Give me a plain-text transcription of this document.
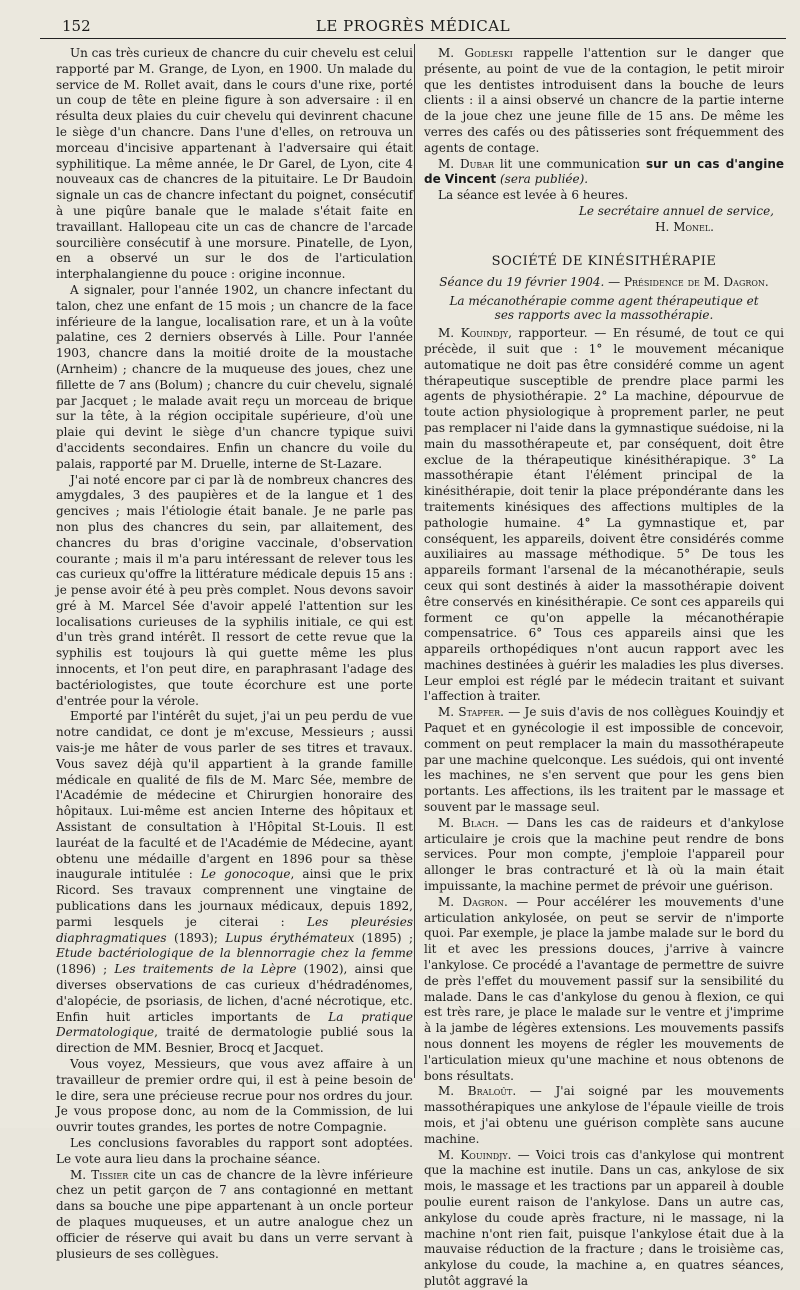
152	LE PROGRÈS MÉDICAL

Un cas très curieux de chancre du cuir chevelu est celui rapporté par M. Grange, de Lyon, en 1900. Un malade du service de M. Rollet avait, dans le cours d'une rixe, porté un coup de tête en pleine figure à son adversaire : il en résulta deux plaies du cuir chevelu qui devinrent chacune le siège d'un chancre. Dans l'une d'elles, on retrouva un morceau d'incisive appartenant à l'adversaire qui était syphilitique. La même année, le Dr Garel, de Lyon, cite 4 nouveaux cas de chancres de la pituitaire. Le Dr Baudoin signale un cas de chancre infectant du poignet, consécutif à une piqûre banale que le malade s'était faite en travaillant. Hallopeau cite un cas de chancre de l'arcade sourcilière consécutif à une morsure. Pinatelle, de Lyon, en a observé un sur le dos de l'articulation interphalangienne du pouce : origine inconnue.

A signaler, pour l'année 1902, un chancre infectant du talon, chez une enfant de 15 mois ; un chancre de la face inférieure de la langue, localisation rare, et un à la voûte palatine, ces 2 derniers observés à Lille. Pour l'année 1903, chancre dans la moitié droite de la moustache (Arnheim) ; chancre de la muqueuse des joues, chez une fillette de 7 ans (Bolum) ; chancre du cuir chevelu, signalé par Jacquet ; le malade avait reçu un morceau de brique sur la tête, à la région occipitale supérieure, d'où une plaie qui devint le siège d'un chancre typique suivi d'accidents secondaires. Enfin un chancre du voile du palais, rapporté par M. Druelle, interne de St-Lazare.

J'ai noté encore par ci par là de nombreux chancres des amygdales, 3 des paupières et de la langue et 1 des gencives ; mais l'étiologie était banale. Je ne parle pas non plus des chancres du sein, par allaitement, des chancres du bras d'origine vaccinale, d'observation courante ; mais il m'a paru intéressant de relever tous les cas curieux qu'offre la littérature médicale depuis 15 ans : je pense avoir été à peu près complet. Nous devons savoir gré à M. Marcel Sée d'avoir appelé l'attention sur les localisations curieuses de la syphilis initiale, ce qui est d'un très grand intérêt. Il ressort de cette revue que la syphilis est toujours là qui guette même les plus innocents, et l'on peut dire, en paraphrasant l'adage des bactériologistes, que toute écorchure est une porte d'entrée pour la vérole.

Emporté par l'intérêt du sujet, j'ai un peu perdu de vue notre candidat, ce dont je m'excuse, Messieurs ; aussi vais-je me hâter de vous parler de ses titres et travaux. Vous savez déjà qu'il appartient à la grande famille médicale en qualité de fils de M. Marc Sée, membre de l'Académie de médecine et Chirurgien honoraire des hôpitaux. Lui-même est ancien Interne des hôpitaux et Assistant de consultation à l'Hôpital St-Louis. Il est lauréat de la faculté et de l'Académie de Médecine, ayant obtenu une médaille d'argent en 1896 pour sa thèse inaugurale intitulée : Le gonocoque, ainsi que le prix Ricord. Ses travaux comprennent une vingtaine de publications dans les journaux médicaux, depuis 1892, parmi lesquels je citerai : Les pleurésies diaphragmatiques (1893); Lupus érythémateux (1895) ; Etude bactériologique de la blennorragie chez la femme (1896) ; Les traitements de la Lèpre (1902), ainsi que diverses observations de cas curieux d'hédradénomes, d'alopécie, de psoriasis, de lichen, d'acné nécrotique, etc. Enfin huit articles importants de La pratique Dermatologique, traité de dermatologie publié sous la direction de MM. Besnier, Brocq et Jacquet.

Vous voyez, Messieurs, que vous avez affaire à un travailleur de premier ordre qui, il est à peine besoin de le dire, sera une précieuse recrue pour nos ordres du jour. Je vous propose donc, au nom de la Commission, de lui ouvrir toutes grandes, les portes de notre Compagnie.

Les conclusions favorables du rapport sont adoptées. Le vote aura lieu dans la prochaine séance.

M. Tissier cite un cas de chancre de la lèvre inférieure chez un petit garçon de 7 ans contagionné en mettant dans sa bouche une pipe appartenant à un oncle porteur de plaques muqueuses, et un autre analogue chez un officier de réserve qui avait bu dans un verre servant à plusieurs de ses collègues.

M. Godleski rappelle l'attention sur le danger que présente, au point de vue de la contagion, le petit miroir que les dentistes introduisent dans la bouche de leurs clients : il a ainsi observé un chancre de la partie interne de la joue chez une jeune fille de 15 ans. De même les verres des cafés ou des pâtisseries sont fréquemment des agents de contage.

M. Dubar lit une communication sur un cas d'angine de Vincent (sera publiée).

La séance est levée à 6 heures.

Le secrétaire annuel de service,
H. Monel.
SOCIÉTÉ DE KINÉSITHÉRAPIE
Séance du 19 février 1904. — Présidence de M. Dagron.
La mécanothérapie comme agent thérapeutique et ses rapports avec la massothérapie.

M. Kouindjy, rapporteur. — En résumé, de tout ce qui précède, il suit que : 1° le mouvement mécanique automatique ne doit pas être considéré comme un agent thérapeutique susceptible de prendre place parmi les agents de physiothérapie. 2° La machine, dépourvue de toute action physiologique à proprement parler, ne peut pas remplacer ni l'aide dans la gymnastique suédoise, ni la main du massothérapeute et, par conséquent, doit être exclue de la thérapeutique kinésithérapique. 3° La massothérapie étant l'élément principal de la kinésithérapie, doit tenir la place prépondérante dans les traitements kinésiques des affections multiples de la pathologie humaine. 4° La gymnastique et, par conséquent, les appareils, doivent être considérés comme auxiliaires au massage méthodique. 5° De tous les appareils formant l'arsenal de la mécanothérapie, seuls ceux qui sont destinés à aider la massothérapie doivent être conservés en kinésithérapie. Ce sont ces appareils qui forment ce qu'on appelle la mécanothérapie compensatrice. 6° Tous ces appareils ainsi que les appareils orthopédiques n'ont aucun rapport avec les machines destinées à guérir les maladies les plus diverses. Leur emploi est réglé par le médecin traitant et suivant l'affection à traiter.

M. Stapfer. — Je suis d'avis de nos collègues Kouindjy et Paquet et en gynécologie il est impossible de concevoir, comment on peut remplacer la main du massothérapeute par une machine quelconque. Les suédois, qui ont inventé les machines, ne s'en servent que pour les gens bien portants. Les affections, ils les traitent par le massage et souvent par le massage seul.

M. Blach. — Dans les cas de raideurs et d'ankylose articulaire je crois que la machine peut rendre de bons services. Pour mon compte, j'emploie l'appareil pour allonger le bras contracturé et là où la main était impuissante, la machine permet de prévoir une guérison.

M. Dagron. — Pour accélérer les mouvements d'une articulation ankylosée, on peut se servir de n'importe quoi. Par exemple, je place la jambe malade sur le bord du lit et avec les pressions douces, j'arrive à vaincre l'ankylose. Ce procédé a l'avantage de permettre de suivre de près l'effet du mouvement passif sur la sensibilité du malade. Dans le cas d'ankylose du genou à flexion, ce qui est très rare, je place le malade sur le ventre et j'imprime à la jambe de légères extensions. Les mouvements passifs nous donnent les moyens de régler les mouvements de l'articulation mieux qu'une machine et nous obtenons de bons résultats.

M. Braloût. — J'ai soigné par les mouvements massothérapiques une ankylose de l'épaule vieille de trois mois, et j'ai obtenu une guérison complète sans aucune machine.

M. Kouindjy. — Voici trois cas d'ankylose qui montrent que la machine est inutile. Dans un cas, ankylose de six mois, le massage et les tractions par un appareil à double poulie eurent raison de l'ankylose. Dans un autre cas, ankylose du coude après fracture, ni le massage, ni la machine n'ont rien fait, puisque l'ankylose était due à la mauvaise réduction de la fracture ; dans le troisième cas, ankylose du coude, la machine a, en quatres séances, plutôt aggravé la
